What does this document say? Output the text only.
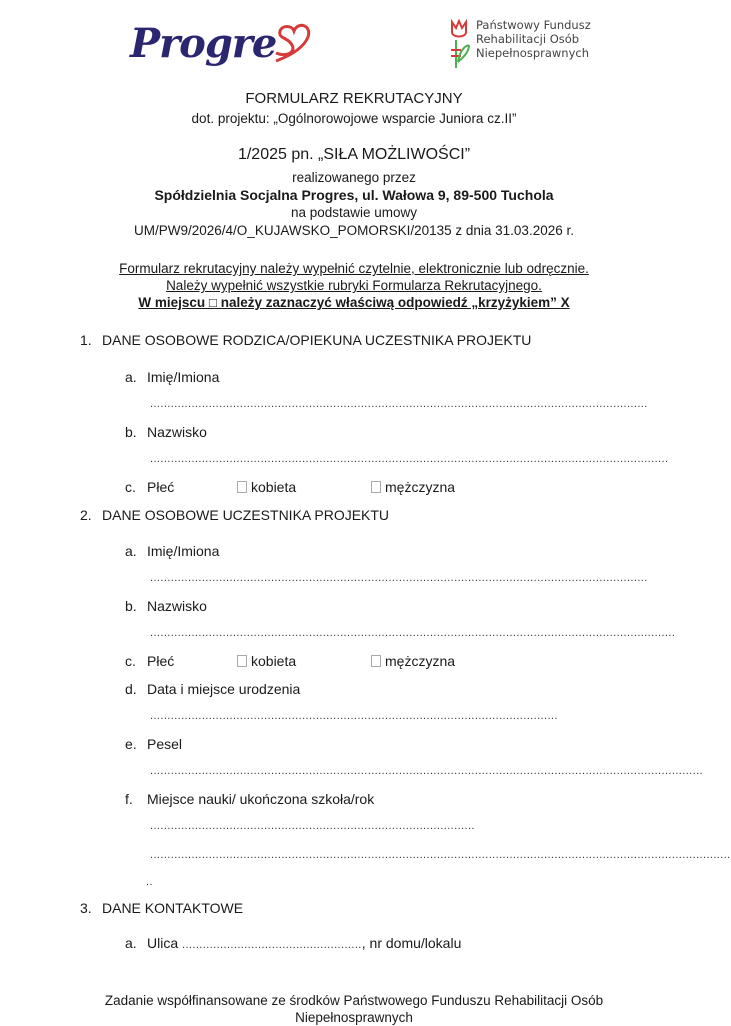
Progre	Państwowy Fundusz
Rehabilitacji Osób
Niepełnosprawnych
FORMULARZ REKRUTACYJNY
dot. projektu: „Ogólnorowojowe wsparcie Juniora cz.II”
1/2025 pn. „SIŁA MOŻLIWOŚCI”
realizowanego przez
Spółdzielnia Socjalna Progres, ul. Wałowa 9, 89-500 Tuchola
na podstawie umowy
UM/PW9/2026/4/O_KUJAWSKO_POMORSKI/20135 z dnia 31.03.2026 r.
Formularz rekrutacyjny należy wypełnić czytelnie, elektronicznie lub odręcznie.
Należy wypełnić wszystkie rubryki Formularza Rekrutacyjnego.
W miejscu □ należy zaznaczyć właściwą odpowiedź „krzyżykiem” X
1. DANE OSOBOWE RODZICA/OPIEKUNA UCZESTNIKA PROJEKTU
a. Imię/Imiona
................................................................................................................................................
b. Nazwisko
......................................................................................................................................................
c. Płeć	kobieta	mężczyzna
2. DANE OSOBOWE UCZESTNIKA PROJEKTU
a. Imię/Imiona
................................................................................................................................................
b. Nazwisko
........................................................................................................................................................
c. Płeć	kobieta	mężczyzna
d. Data i miejsce urodzenia
......................................................................................................................
e. Pesel
................................................................................................................................................................
f. Miejsce nauki/ ukończona szkoła/rok
..............................................................................................
........................................................................................................................................................................
..
3. DANE KONTAKTOWE
a. Ulica ...................................................., nr domu/lokalu
Zadanie współfinansowane ze środków Państwowego Funduszu Rehabilitacji Osób
Niepełnosprawnych
